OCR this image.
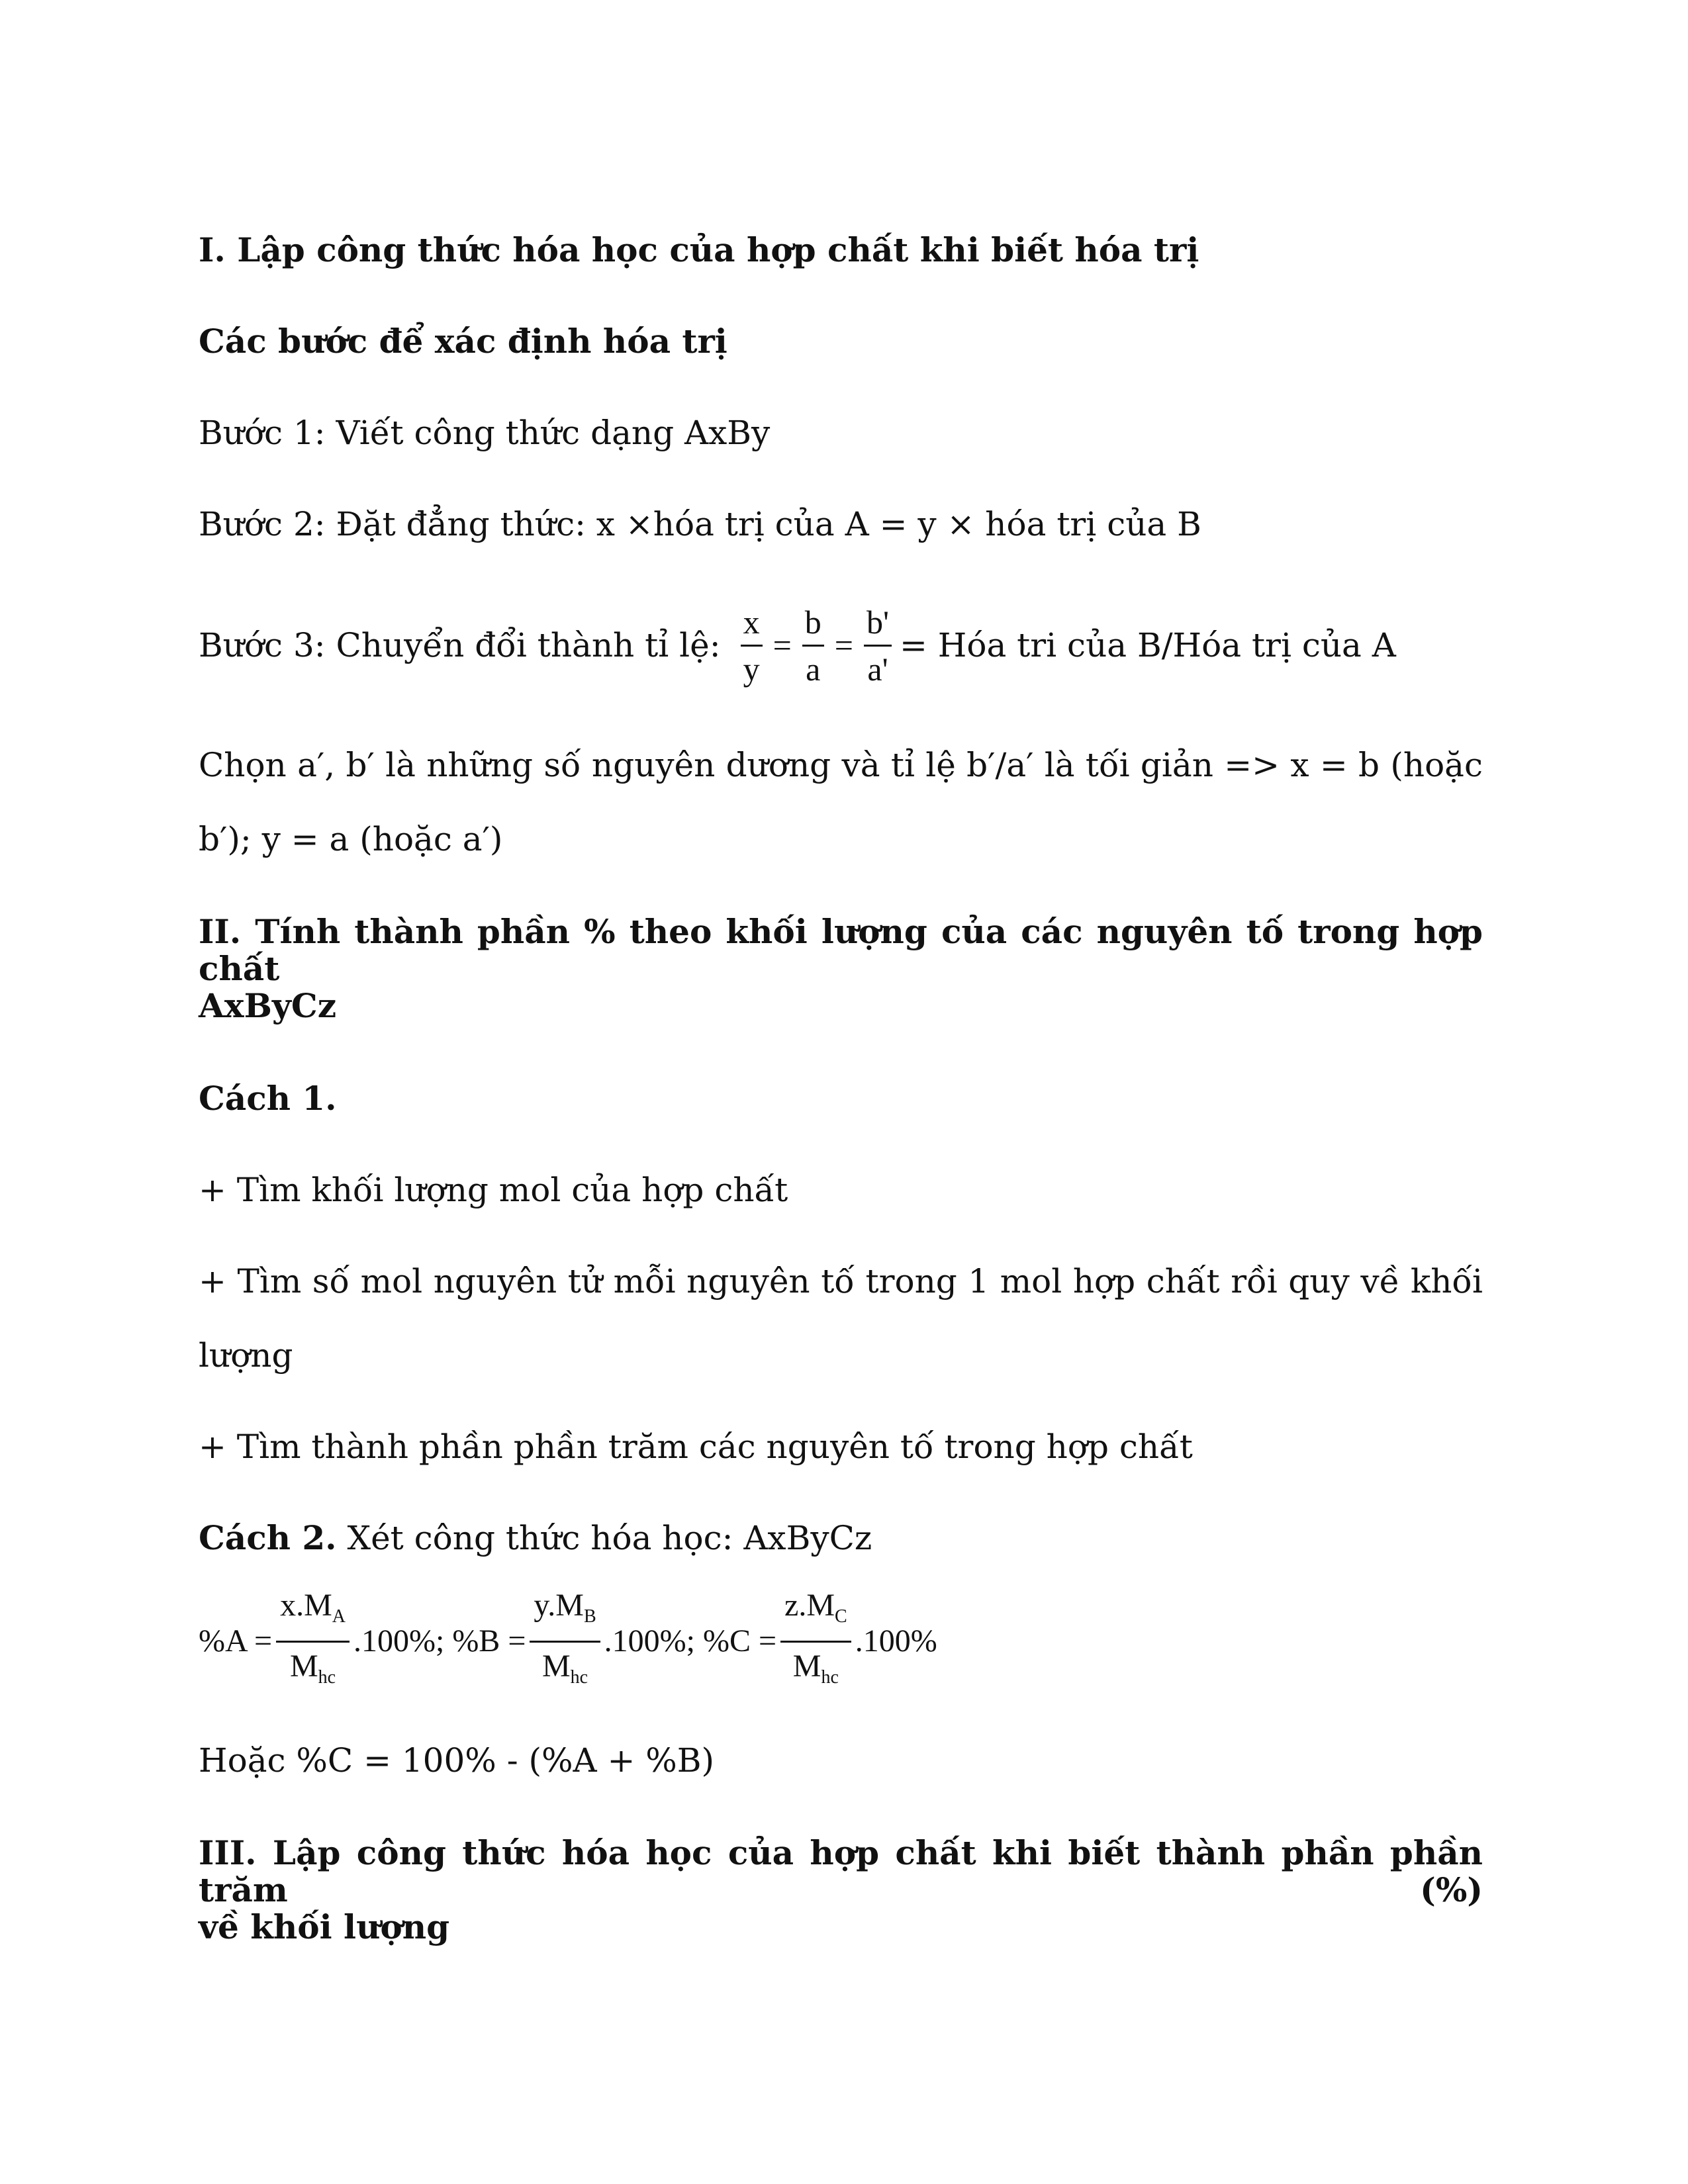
I. Lập công thức hóa học của hợp chất khi biết hóa trị

Các bước để xác định hóa trị

Bước 1: Viết công thức dạng AxBy

Bước 2: Đặt đẳng thức: x ×hóa trị của A = y × hóa trị của B

Bước 3: Chuyển đổi thành tỉ lệ: $\frac{x}{y} = \frac{b}{a} = \frac{b'}{a'}$ = Hóa tri của B/Hóa trị của A

Chọn a′, b′ là những số nguyên dương và tỉ lệ b′/a′ là tối giản => x = b (hoặc

b′); y = a (hoặc a′)

II. Tính thành phần % theo khối lượng của các nguyên tố trong hợp chất

AxByCz

Cách 1.

+ Tìm khối lượng mol của hợp chất

+ Tìm số mol nguyên tử mỗi nguyên tố trong 1 mol hợp chất rồi quy về khối

lượng

+ Tìm thành phần phần trăm các nguyên tố trong hợp chất

Cách 2. Xét công thức hóa học: AxByCz

$\%A = \frac{x.M_A}{M_{hc}} .100\%$; $\%B = \frac{y.M_B}{M_{hc}} .100\%$; $\%C = \frac{z.M_C}{M_{hc}} .100\%$

Hoặc %C = 100% - (%A + %B)

III. Lập công thức hóa học của hợp chất khi biết thành phần phần trăm (%)

về khối lượng
